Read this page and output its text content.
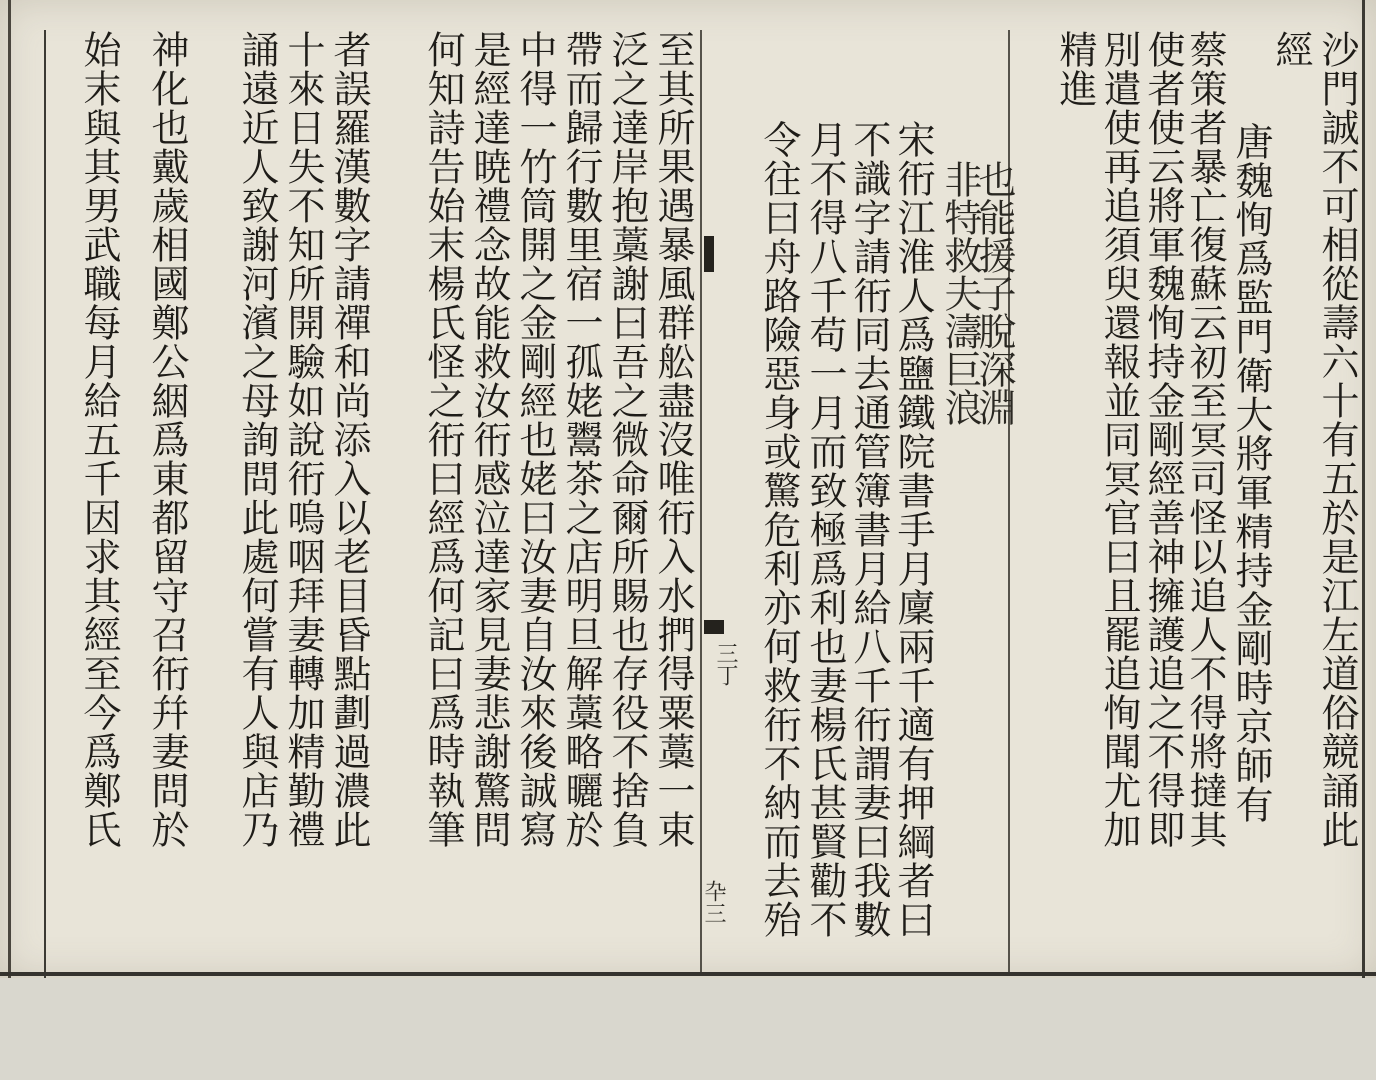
沙門誠不可相從壽六十有五於是江左道俗競誦此
經
唐魏恂爲監門衛大將軍精持金剛時京師有
蔡策者暴亡復蘇云初至冥司怪以追人不得將撻其
使者使云將軍魏恂持金剛經善神擁護追之不得即
別遣使再追須臾還報並同冥官曰且罷追恂聞尤加
精進
也能援子脫深淵
非特救夫濤巨浪
宋衎江淮人爲鹽鐵院書手月廩兩千適有押綱者曰
不識字請衎同去通管簿書月給八千衎謂妻曰我數
月不得八千苟一月而致極爲利也妻楊氏甚賢勸不
令往曰舟路險惡身或驚危利亦何救衎不納而去殆
三丁
卆三
至其所果遇暴風群舩盡沒唯衎入水捫得粟藁一束
泛之達岸抱藁謝曰吾之微命爾所賜也存役不捨負
帶而歸行數里宿一孤姥鬻茶之店明旦解藁略曬於
中得一竹筒開之金剛經也姥曰汝妻自汝來後誠寫
是經達暁禮念故能救汝衎感泣達家見妻悲謝驚問
何知詩告始末楊氏怪之衎曰經爲何記曰爲時執筆
者誤羅漢數字請禪和尚添入以老目昏點劃過濃此
十來日失不知所開驗如說衎嗚咽拜妻轉加精勤禮
誦遠近人致謝河濱之母詢問此處何嘗有人與店乃
神化也戴歲相國鄭公絪爲東都留守召衎幷妻問於
始末與其男武職每月給五千因求其經至今爲鄭氏
